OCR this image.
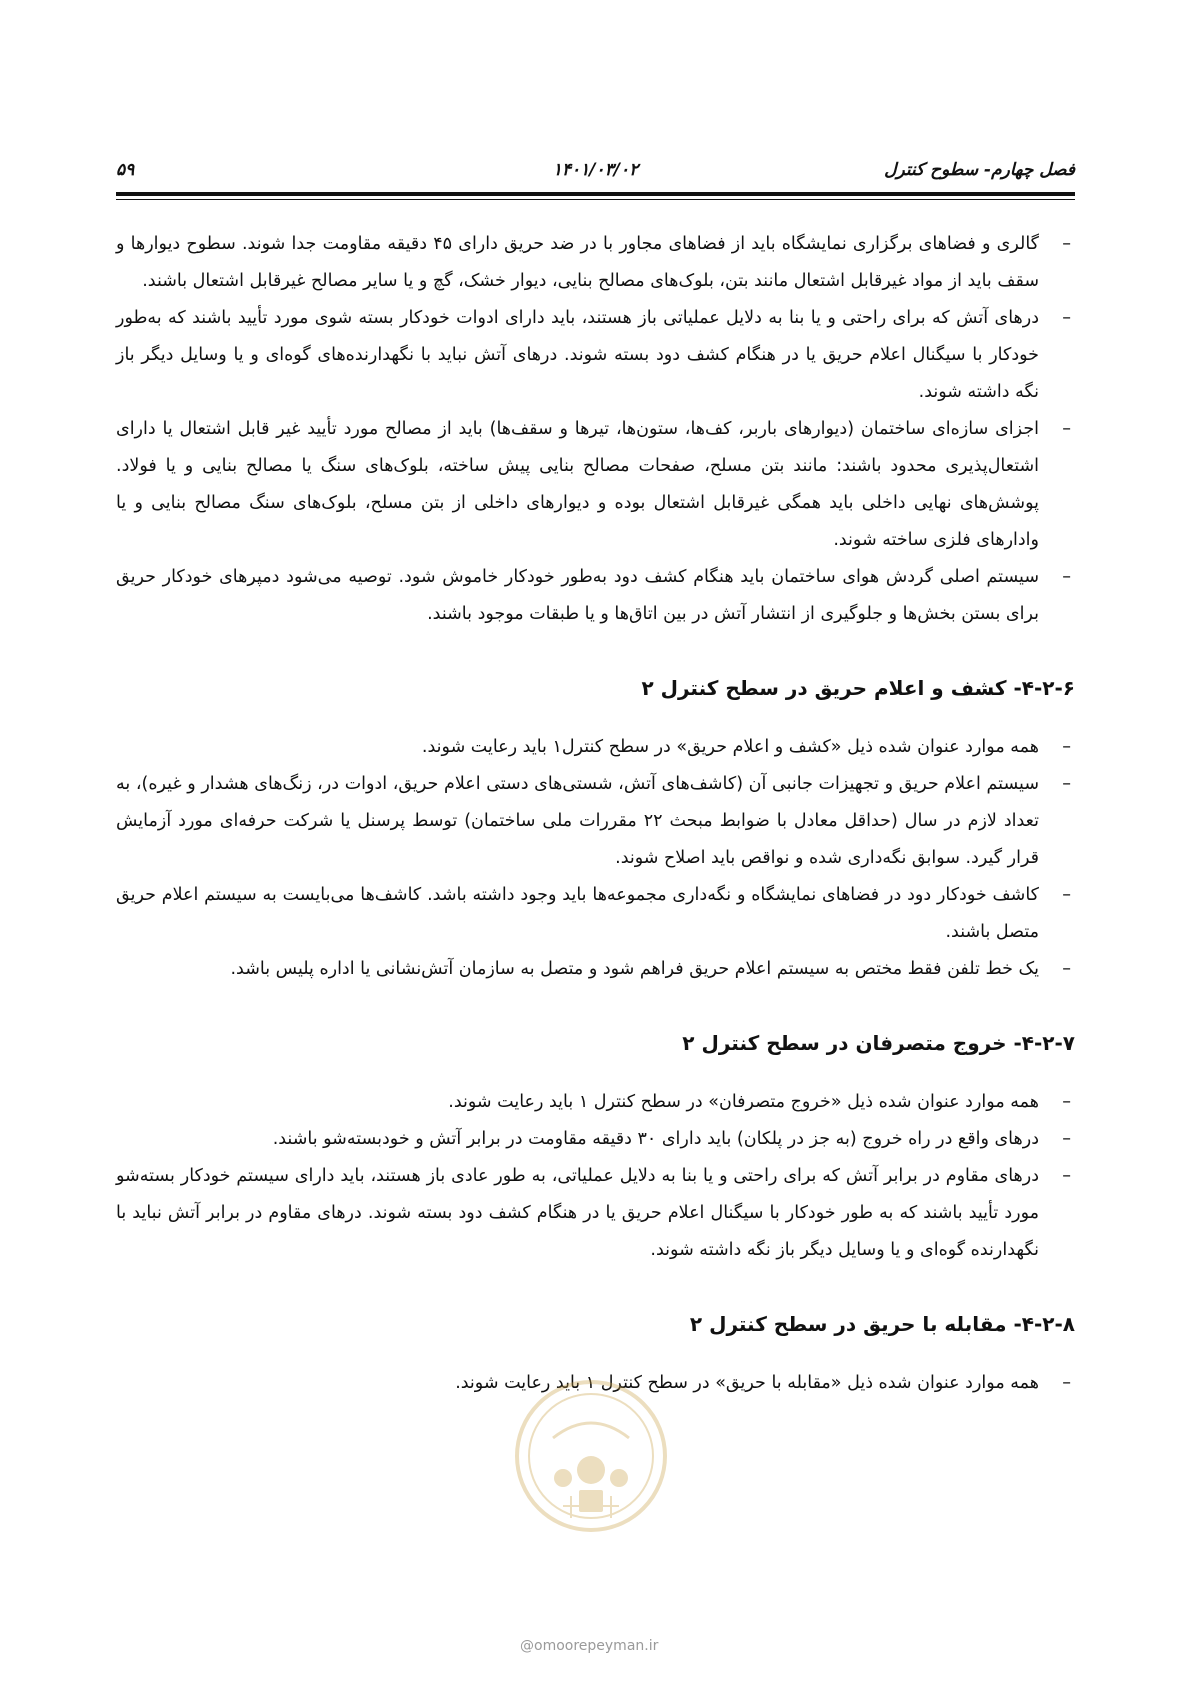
فصل چهارم- سطوح کنترل
۱۴۰۱/۰۳/۰۲
۵۹
–
گالری و فضاهای برگزاری نمایشگاه باید از فضاهای مجاور با در ضد حریق دارای ۴۵ دقیقه مقاومت جدا شوند. سطوح دیوارها و سقف باید از مواد غیرقابل اشتعال مانند بتن، بلوک‌های مصالح بنایی، دیوار خشک، گچ و یا سایر مصالح غیرقابل اشتعال باشند.
–
درهای آتش که برای راحتی و یا بنا به دلایل عملیاتی باز هستند، باید دارای ادوات خودکار بسته شوی مورد تأیید باشند که به‌طور خودکار با سیگنال اعلام حریق یا در هنگام کشف دود بسته شوند. درهای آتش نباید با نگهدارنده‌های گوه‌ای و یا وسایل دیگر باز نگه داشته شوند.
–
اجزای سازه‌ای ساختمان (دیوارهای باربر، کف‌ها، ستون‌ها، تیرها و سقف‌ها) باید از مصالح مورد تأیید غیر قابل اشتعال یا دارای اشتعال‌پذیری محدود باشند: مانند بتن مسلح، صفحات مصالح بنایی پیش ساخته، بلوک‌های سنگ یا مصالح بنایی و یا فولاد. پوشش‌های نهایی داخلی باید همگی غیرقابل اشتعال بوده و دیوارهای داخلی از بتن مسلح، بلوک‌های سنگ مصالح بنایی و یا وادارهای فلزی ساخته شوند.
–
سیستم اصلی گردش هوای ساختمان باید هنگام کشف دود به‌طور خودکار خاموش شود. توصیه می‌شود دمپرهای خودکار حریق برای بستن بخش‌ها و جلوگیری از انتشار آتش در بین اتاق‌ها و یا طبقات موجود باشند.
۴-۲-۶- کشف و اعلام حریق در سطح کنترل ۲
–
همه موارد عنوان شده ذیل «کشف و اعلام حریق» در سطح کنترل۱ باید رعایت شوند.
–
سیستم اعلام حریق و تجهیزات جانبی آن (کاشف‌های آتش، شستی‌های دستی اعلام حریق، ادوات در، زنگ‌های هشدار و غیره)، به تعداد لازم در سال (حداقل معادل با ضوابط مبحث ۲۲ مقررات ملی ساختمان) توسط پرسنل یا شرکت حرفه‌ای مورد آزمایش قرار گیرد. سوابق نگه‌داری شده و نواقص باید اصلاح شوند.
–
کاشف خودکار دود در فضاهای نمایشگاه و نگه‌داری مجموعه‌ها باید وجود داشته باشد. کاشف‌ها می‌بایست به سیستم اعلام حریق متصل باشند.
–
یک خط تلفن فقط مختص به سیستم اعلام حریق فراهم شود و متصل به سازمان آتش‌نشانی یا اداره پلیس باشد.
۴-۲-۷- خروج متصرفان در سطح کنترل ۲
–
همه موارد عنوان شده ذیل «خروج متصرفان» در سطح کنترل ۱ باید رعایت شوند.
–
درهای واقع در راه خروج (به جز در پلکان) باید دارای ۳۰ دقیقه مقاومت در برابر آتش و خودبسته‌شو باشند.
–
درهای مقاوم در برابر آتش که برای راحتی و یا بنا به دلایل عملیاتی، به طور عادی باز هستند، باید دارای سیستم خودکار بسته‌شو مورد تأیید باشند که به طور خودکار با سیگنال اعلام حریق یا در هنگام کشف دود بسته شوند. درهای مقاوم در برابر آتش نباید با نگهدارنده گوه‌ای و یا وسایل دیگر باز نگه داشته شوند.
۴-۲-۸- مقابله با حریق در سطح کنترل ۲
–
همه موارد عنوان شده ذیل «مقابله با حریق» در سطح کنترل ۱ باید رعایت شوند.
@omoorepeyman.ir
